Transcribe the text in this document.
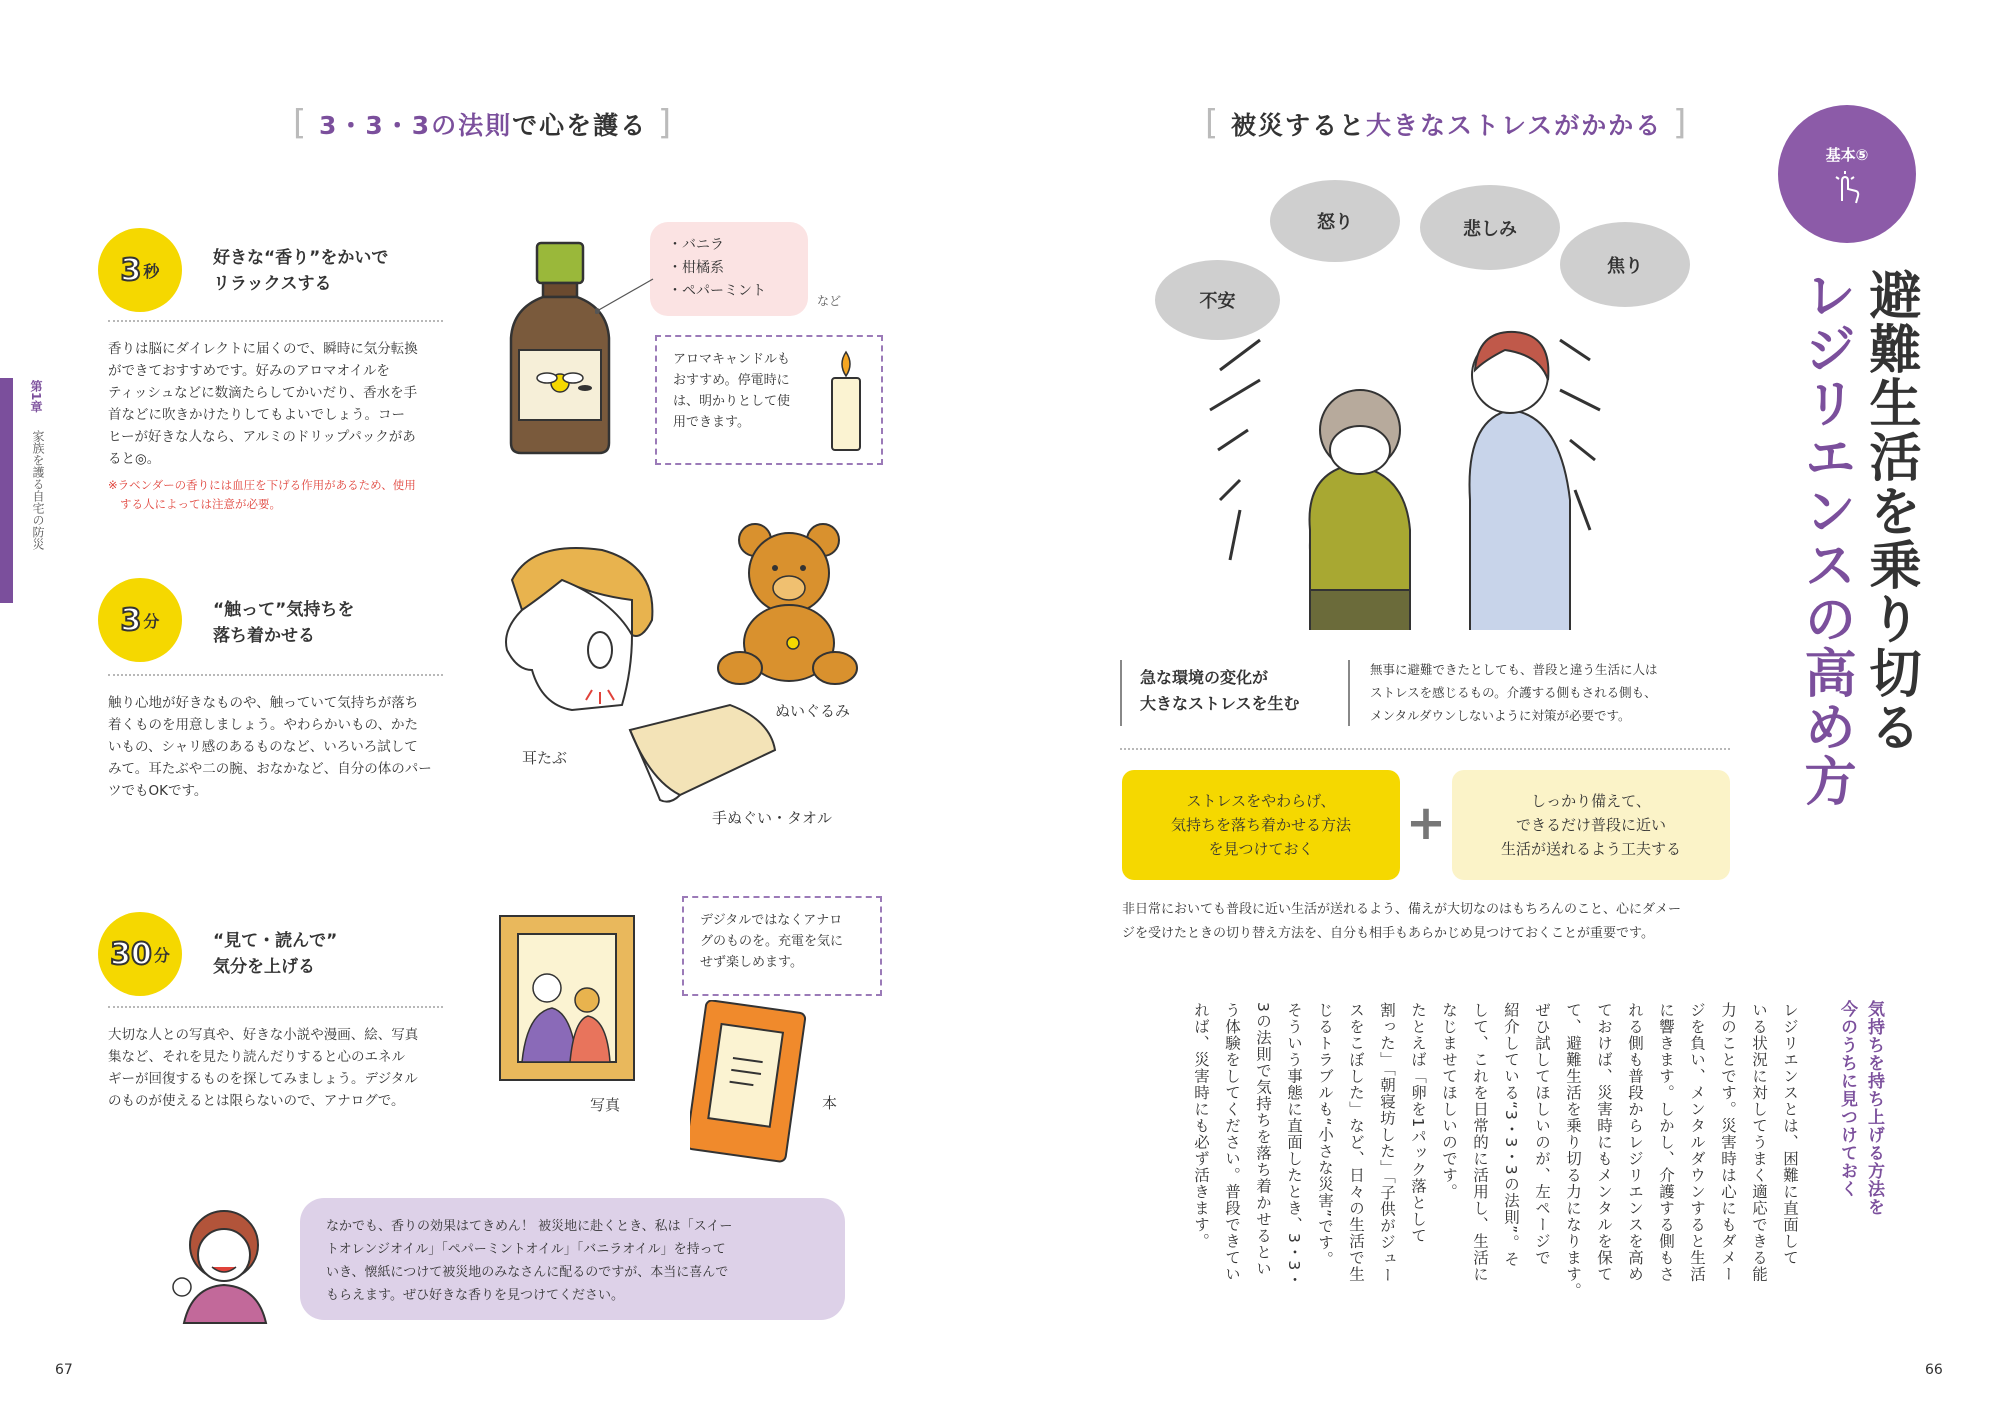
[ 3・3・3の法則で心を護る ]
第1章
家族を護る自宅の防災
3 秒
好きな“香り”をかいで
リラックスする
香りは脳にダイレクトに届くので、瞬時に気分転換
ができておすすめです。好みのアロマオイルを
ティッシュなどに数滴たらしてかいだり、香水を手
首などに吹きかけたりしてもよいでしょう。コー
ヒーが好きな人なら、アルミのドリップパックがあ
ると◎。
※ラベンダーの香りには血圧を下げる作用があるため、使用
する人によっては注意が必要。
・バニラ
・柑橘系
・ペパーミント
など
アロマキャンドルも
おすすめ。停電時に
は、明かりとして使
用できます。
3 分
“触って”気持ちを
落ち着かせる
触り心地が好きなものや、触っていて気持ちが落ち
着くものを用意しましょう。やわらかいもの、かた
いもの、シャリ感のあるものなど、いろいろ試して
みて。耳たぶや二の腕、おなかなど、自分の体のパー
ツでもOKです。
耳たぶ
ぬいぐるみ
手ぬぐい・タオル
30 分
“見て・読んで”
気分を上げる
大切な人との写真や、好きな小説や漫画、絵、写真
集など、それを見たり読んだりすると心のエネル
ギーが回復するものを探してみましょう。デジタル
のものが使えるとは限らないので、アナログで。	写真
デジタルではなくアナロ
グのものを。充電を気に
せず楽しめます。
本
なかでも、香りの効果はてきめん！ 被災地に赴くとき、私は「スイー
トオレンジオイル」「ペパーミントオイル」「バニラオイル」を持って
いき、懐紙につけて被災地のみなさんに配るのですが、本当に喜んで
もらえます。ぜひ好きな香りを見つけてください。
67
[ 被災すると大きなストレスがかかる ]
基本⑤
避難生活を乗り切る
レジリエンスの高め方
怒り	悲しみ
不安
焦り
急な環境の変化が
大きなストレスを生む
無事に避難できたとしても、普段と違う生活に人は
ストレスを感じるもの。介護する側もされる側も、
メンタルダウンしないように対策が必要です。
ストレスをやわらげ、
気持ちを落ち着かせる方法
を見つけておく +	しっかり備えて、
できるだけ普段に近い
生活が送れるよう工夫する
非日常においても普段に近い生活が送れるよう、備えが大切なのはもちろんのこと、心にダメー
ジを受けたときの切り替え方法を、自分も相手もあらかじめ見つけておくことが重要です。
気持ちを持ち上げる方法を
今のうちに見つけておく
レジリエンスとは、困難に直面して
いる状況に対してうまく適応できる能
力のことです。災害時は心にもダメー
ジを負い、メンタルダウンすると生活
に響きます。しかし、介護する側もさ
れる側も普段からレジリエンスを高め
ておけば、災害時にもメンタルを保て
て、避難生活を乗り切る力になります。
ぜひ試してほしいのが、左ページで
紹介している“3・3・3の法則”。そ
して、これを日常的に活用し、生活に
なじませてほしいのです。
たとえば「卵を1パック落として
割った」「朝寝坊した」「子供がジュー
スをこぼした」など、日々の生活で生
じるトラブルも“小さな災害”です。
そういう事態に直面したとき、3・3・
3の法則で気持ちを落ち着かせるとい
う体験をしてください。普段できてい
れば、災害時にも必ず活きます。
66
